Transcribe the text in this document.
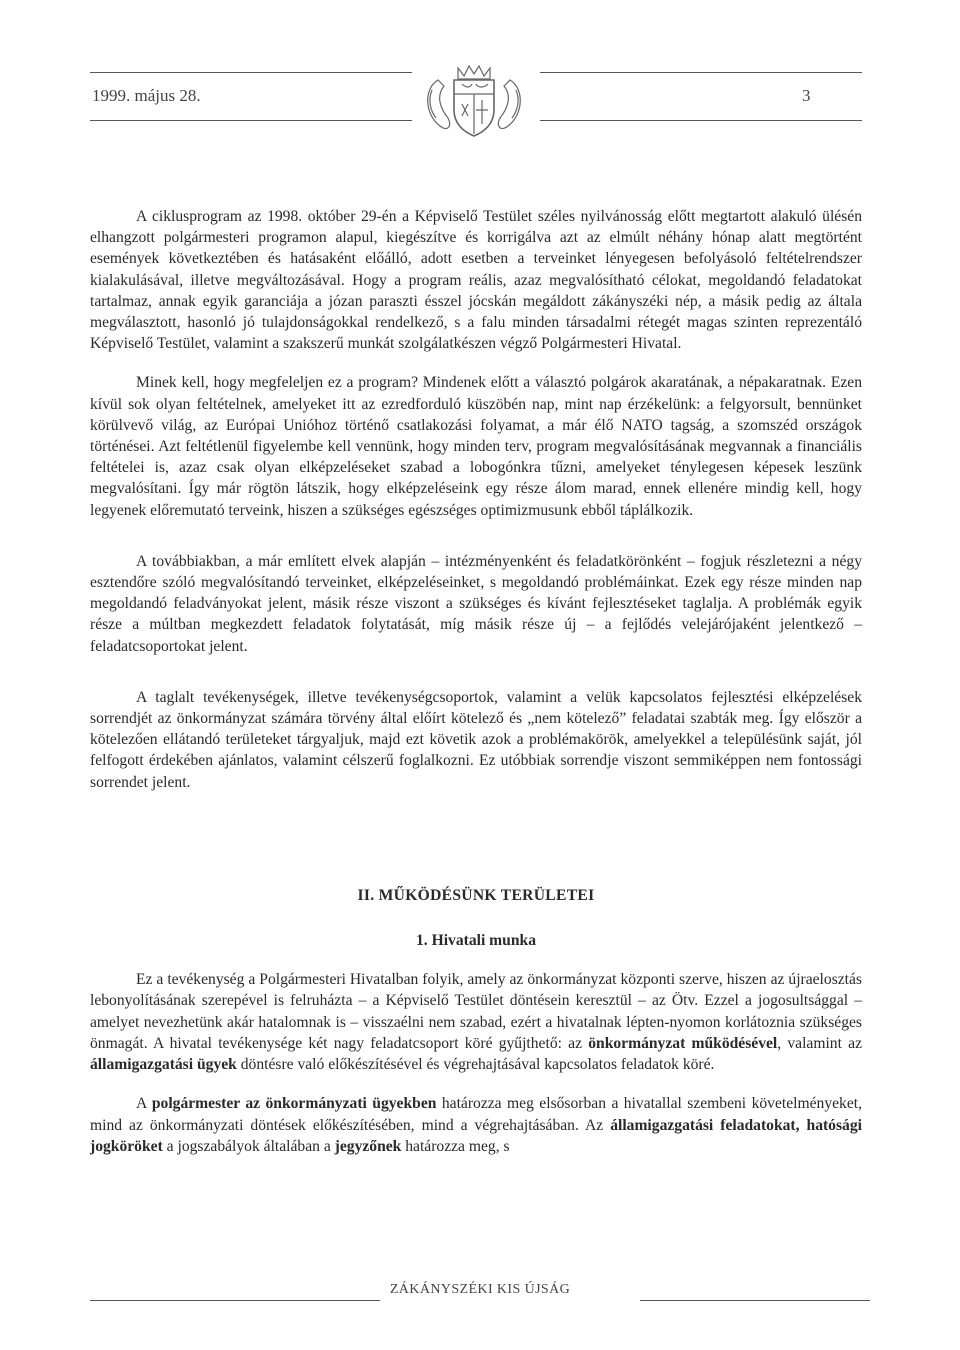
1999. május 28.	3

A ciklusprogram az 1998. október 29-én a Képviselő Testület széles nyilvánosság előtt megtartott alakuló ülésén elhangzott polgármesteri programon alapul, kiegészítve és korrigálva azt az elmúlt néhány hónap alatt megtörtént események következtében és hatásaként előálló, adott esetben a terveinket lényegesen befolyásoló feltételrendszer kialakulásával, illetve megváltozásával. Hogy a program reális, azaz megvalósítható célokat, megoldandó feladatokat tartalmaz, annak egyik garanciája a józan paraszti ésszel jócskán megáldott zákányszéki nép, a másik pedig az általa megválasztott, hasonló jó tulajdonságokkal rendelkező, s a falu minden társadalmi rétegét magas szinten reprezentáló Képviselő Testület, valamint a szakszerű munkát szolgálatkészen végző Polgármesteri Hivatal.

Minek kell, hogy megfeleljen ez a program? Mindenek előtt a választó polgárok akaratának, a népakaratnak. Ezen kívül sok olyan feltételnek, amelyeket itt az ezredforduló küszöbén nap, mint nap érzékelünk: a felgyorsult, bennünket körülvevő világ, az Európai Unióhoz történő csatlakozási folyamat, a már élő NATO tagság, a szomszéd országok történései. Azt feltétlenül figyelembe kell vennünk, hogy minden terv, program megvalósításának megvannak a financiális feltételei is, azaz csak olyan elképzeléseket szabad a lobogónkra tűzni, amelyeket ténylegesen képesek leszünk megvalósítani. Így már rögtön látszik, hogy elképzeléseink egy része álom marad, ennek ellenére mindig kell, hogy legyenek előremutató terveink, hiszen a szükséges egészséges optimizmusunk ebből táplálkozik.

A továbbiakban, a már említett elvek alapján – intézményenként és feladatkörönként – fogjuk részletezni a négy esztendőre szóló megvalósítandó terveinket, elképzeléseinket, s megoldandó problémáinkat. Ezek egy része minden nap megoldandó feladványokat jelent, másik része viszont a szükséges és kívánt fejlesztéseket taglalja. A problémák egyik része a múltban megkezdett feladatok folytatását, míg másik része új – a fejlődés velejárójaként jelentkező – feladatcsoportokat jelent.

A taglalt tevékenységek, illetve tevékenységcsoportok, valamint a velük kapcsolatos fejlesztési elképzelések sorrendjét az önkormányzat számára törvény által előírt kötelező és „nem kötelező” feladatai szabták meg. Így először a kötelezően ellátandó területeket tárgyaljuk, majd ezt követik azok a problémakörök, amelyekkel a településünk saját, jól felfogott érdekében ajánlatos, valamint célszerű foglalkozni. Ez utóbbiak sorrendje viszont semmiképpen nem fontossági sorrendet jelent.

II. MŰKÖDÉSÜNK TERÜLETEI
1. Hivatali munka

Ez a tevékenység a Polgármesteri Hivatalban folyik, amely az önkormányzat központi szerve, hiszen az újraelosztás lebonyolításának szerepével is felruházta – a Képviselő Testület döntésein keresztül – az Ötv. Ezzel a jogosultsággal – amelyet nevezhetünk akár hatalomnak is – visszaélni nem szabad, ezért a hivatalnak lépten-nyomon korlátoznia szükséges önmagát. A hivatal tevékenysége két nagy feladatcsoport köré gyűjthető: az önkormányzat működésével, valamint az államigazgatási ügyek döntésre való előkészítésével és végrehajtásával kapcsolatos feladatok köré.

A polgármester az önkormányzati ügyekben határozza meg elsősorban a hivatallal szembeni követelményeket, mind az önkormányzati döntések előkészítésében, mind a végrehajtásában. Az államigazgatási feladatokat, hatósági jogköröket a jogszabályok általában a jegyzőnek határozza meg, s

ZÁKÁNYSZÉKI KIS ÚJSÁG
